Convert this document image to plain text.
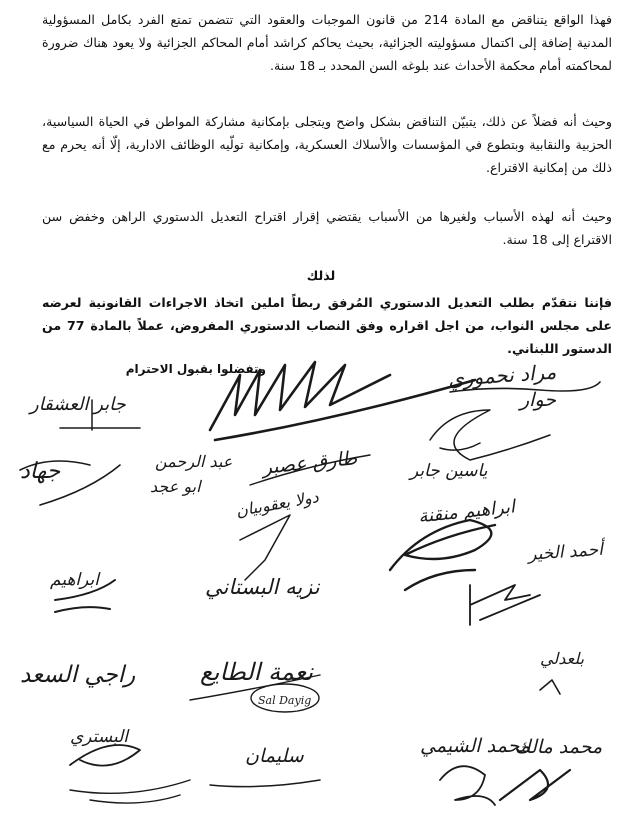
فهذا الواقع يتناقض مع المادة 214 من قانون الموجبات والعقود التي تتضمن تمتع الفرد بكامل المسؤولية المدنية إضافة إلى اكتمال مسؤوليته الجزائية، بحيث يحاكم كراشد أمام المحاكم الجزائية ولا يعود هناك ضرورة لمحاكمته أمام محكمة الأحداث عند بلوغه السن المحدد بـ 18 سنة.
وحيث أنه فضلاً عن ذلك، يتبيّن التناقض بشكل واضح ويتجلى بإمكانية مشاركة المواطن في الحياة السياسية، الحزبية والنقابية وبتطوع في المؤسسات والأسلاك العسكرية، وإمكانية تولّيه الوظائف الادارية، إلّا أنه يحرم مع ذلك من إمكانية الاقتراع.
وحيث أنه لهذه الأسباب ولغيرها من الأسباب يقتضي إقرار اقتراح التعديل الدستوري الراهن وخفض سن الاقتراع إلى 18 سنة.
لذلك
فإننا نتقدّم بطلب التعديل الدستوري المُرفق ربطاً املين اتخاذ الاجراءات القانونية لعرضه على مجلس النواب، من اجل اقراره وفق النصاب الدستوري المفروض، عملاً بالمادة 77 من الدستور اللبناني.
وتفضلوا بقبول الاحترام	مراد نحموري
حوار
جابر العشقار
طارق عصبر
عبد الرحمن
ابو عجد
جهاد	ياسين جابر
دولا يعقوبيان	ابراهيم منقنة
أحمد الخير
ابراهيم	نزيه البستاني
نعمة الطايع
Sal Dayig
بلعدلي
راجي السعد
البستري	محمد الشيمي
محمد مالك
سليمان
